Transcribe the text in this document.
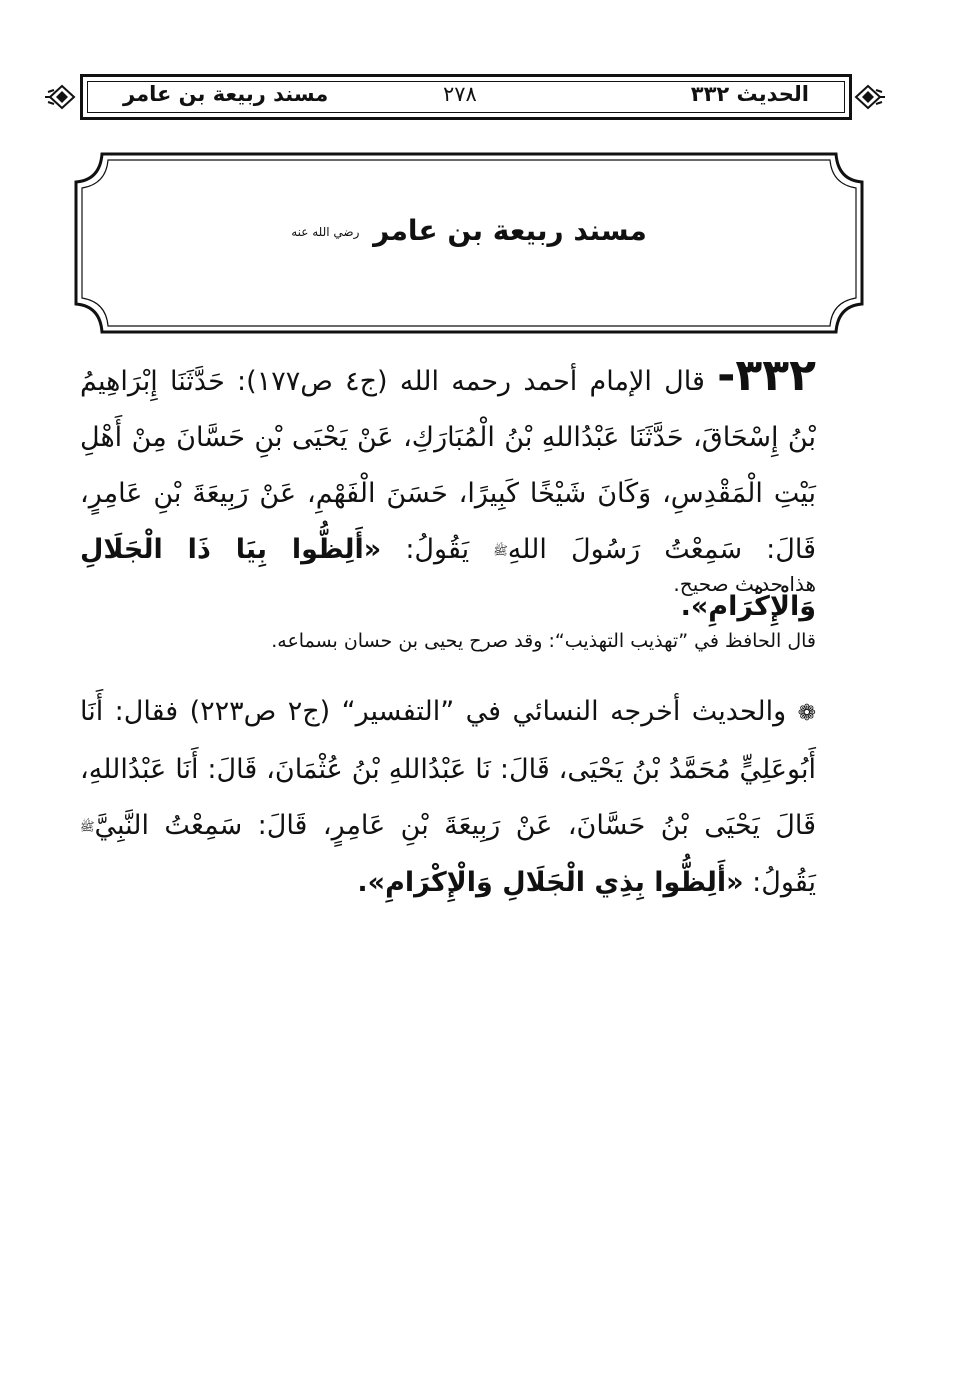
الحديث ٣٣٢
٢٧٨
مسند ربيعة بن عامر
مسند ربيعة بن عامر رضي الله عنه
٣٣٢- قال الإمام أحمد رحمه الله (ج٤ ص١٧٧): حَدَّثَنَا إِبْرَاهِيمُ بْنُ إِسْحَاقَ، حَدَّثَنَا عَبْدُاللهِ بْنُ الْمُبَارَكِ، عَنْ يَحْيَى بْنِ حَسَّانَ مِنْ أَهْلِ بَيْتِ الْمَقْدِسِ، وَكَانَ شَيْخًا كَبِيرًا، حَسَنَ الْفَهْمِ، عَنْ رَبِيعَةَ بْنِ عَامِرٍ، قَالَ: سَمِعْتُ رَسُولَ اللهِﷺ يَقُولُ: «أَلِظُّوا بِيَا ذَا الْجَلَالِ وَالْإِكْرَامِ».
هذا حديث صحيح.
قال الحافظ في ”تهذيب التهذيب“: وقد صرح يحيى بن حسان بسماعه.
❁ والحديث أخرجه النسائي في ”التفسير“ (ج٢ ص٢٢٣) فقال: أَنَا أَبُوعَلِيٍّ مُحَمَّدُ بْنُ يَحْيَى، قَالَ: نَا عَبْدُاللهِ بْنُ عُثْمَانَ، قَالَ: أَنَا عَبْدُاللهِ، قَالَ يَحْيَى بْنُ حَسَّانَ، عَنْ رَبِيعَةَ بْنِ عَامِرٍ، قَالَ: سَمِعْتُ النَّبِيَّﷺ يَقُولُ: «أَلِظُّوا بِذِي الْجَلَالِ وَالْإِكْرَامِ».
